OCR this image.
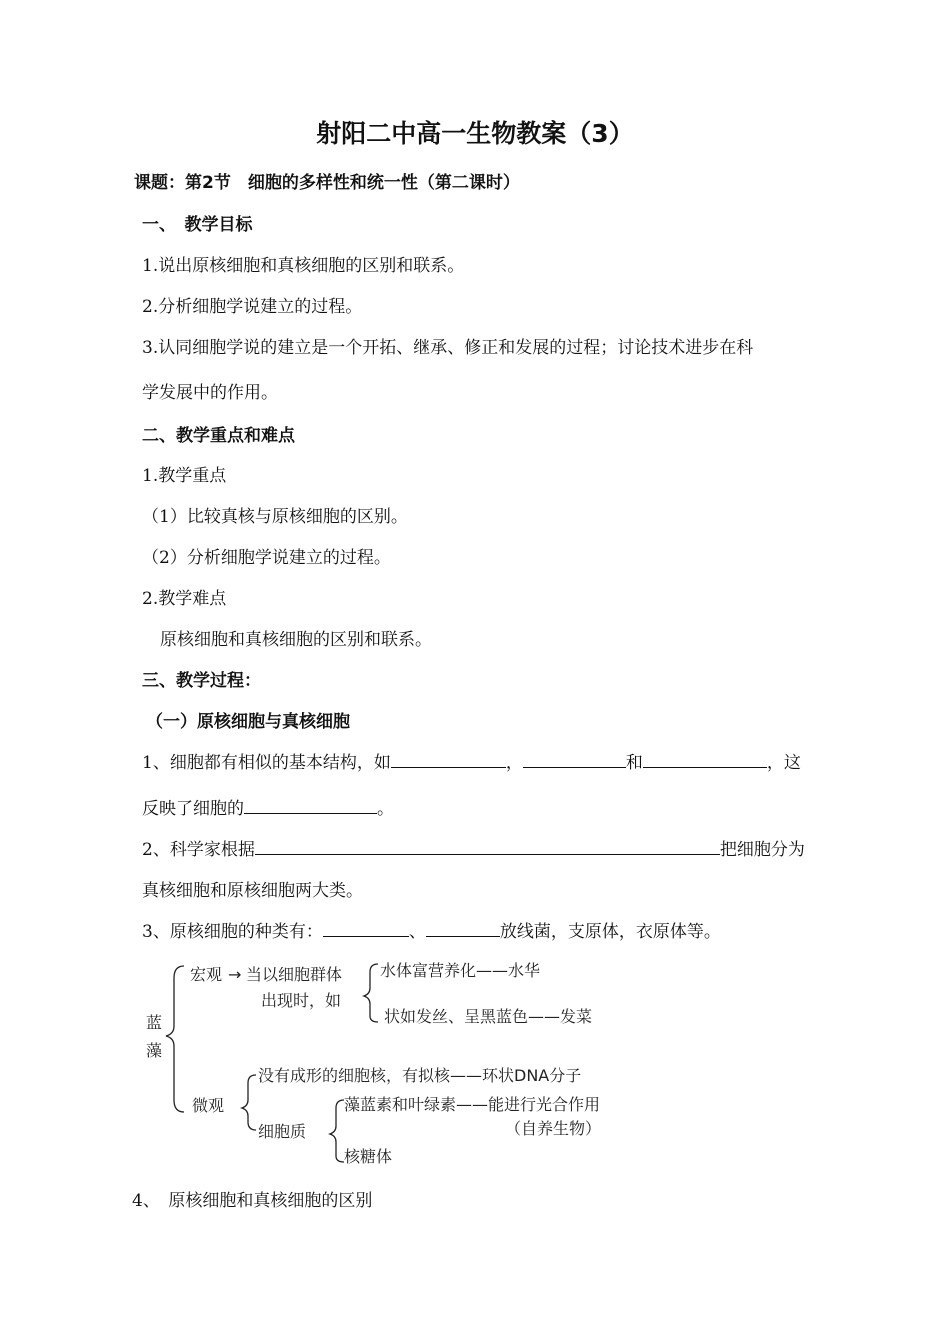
射阳二中高一生物教案（3）
课题：第2节　细胞的多样性和统一性（第二课时）
一、　教学目标
1.说出原核细胞和真核细胞的区别和联系。
2.分析细胞学说建立的过程。
3.认同细胞学说的建立是一个开拓、继承、修正和发展的过程；讨论技术进步在科
学发展中的作用。
二、教学重点和难点
1.教学重点
（1）比较真核与原核细胞的区别。
（2）分析细胞学说建立的过程。
2.教学难点
原核细胞和真核细胞的区别和联系。
三、教学过程：
（一）原核细胞与真核细胞
1、细胞都有相似的基本结构，如	，	和	，这
反映了细胞的	。
2、科学家根据	把细胞分为
真核细胞和原核细胞两大类。
3、原核细胞的种类有：	、	放线菌，支原体，衣原体等。
蓝
藻
宏观 → 当以细胞群体
出现时，如
水体富营养化——水华
状如发丝、呈黑蓝色——发菜
微观
没有成形的细胞核，有拟核——环状DNA分子
细胞质
藻蓝素和叶绿素——能进行光合作用
（自养生物）
核糖体
4、　原核细胞和真核细胞的区别
